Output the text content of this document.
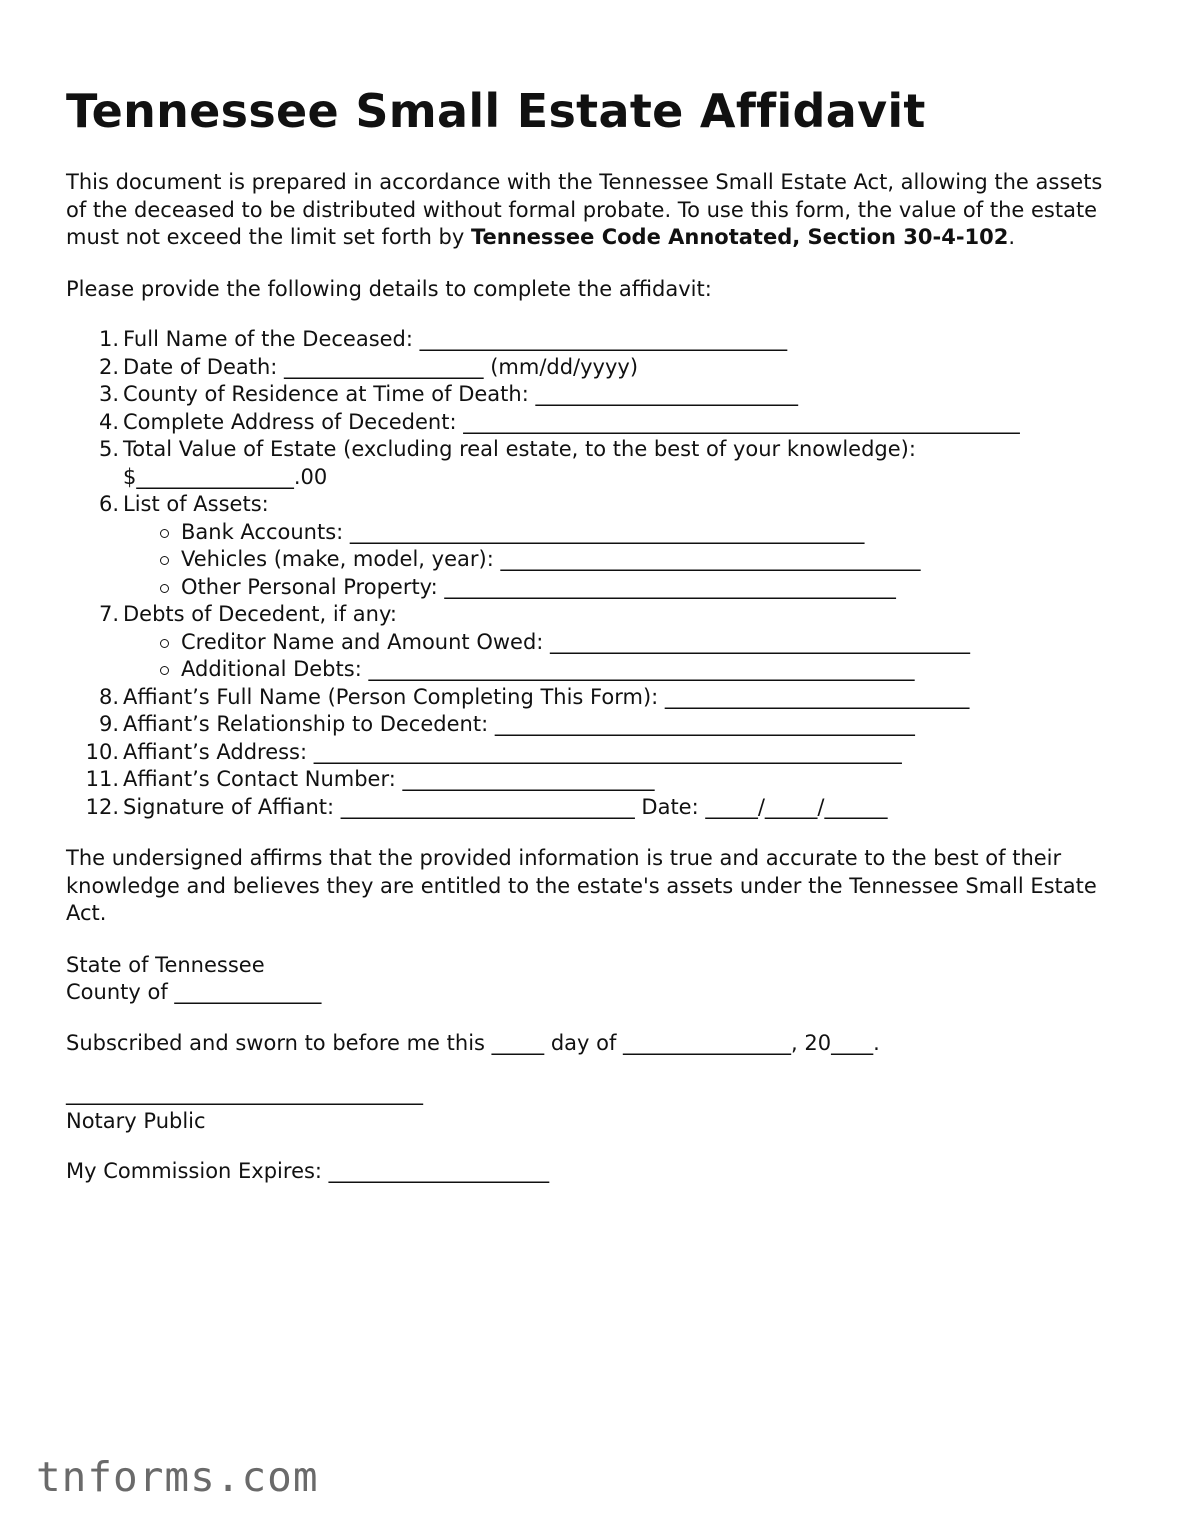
Tennessee Small Estate Affidavit

This document is prepared in accordance with the Tennessee Small Estate Act, allowing the assets of the deceased to be distributed without formal probate. To use this form, the value of the estate must not exceed the limit set forth by Tennessee Code Annotated, Section 30-4-102.

Please provide the following details to complete the affidavit:

1. Full Name of the Deceased: ___________________________________
2. Date of Death: ___________________ (mm/dd/yyyy)
3. County of Residence at Time of Death: _________________________
4. Complete Address of Decedent: _____________________________________________________
5. Total Value of Estate (excluding real estate, to the best of your knowledge): $_______________.00
6. List of Assets:
Bank Accounts: _________________________________________________
Vehicles (make, model, year): ________________________________________
Other Personal Property: ___________________________________________
7. Debts of Decedent, if any:
Creditor Name and Amount Owed: ________________________________________
Additional Debts: ____________________________________________________
8. Affiant’s Full Name (Person Completing This Form): _____________________________
9. Affiant’s Relationship to Decedent: ________________________________________
10. Affiant’s Address: ________________________________________________________
11. Affiant’s Contact Number: ________________________
12. Signature of Affiant: ____________________________ Date: _____/_____/______

The undersigned affirms that the provided information is true and accurate to the best of their knowledge and believes they are entitled to the estate's assets under the Tennessee Small Estate Act.

State of Tennessee

County of ______________

Subscribed and sworn to before me this _____ day of ________________, 20____.

__________________________________

Notary Public

My Commission Expires: _____________________

tnforms.com
